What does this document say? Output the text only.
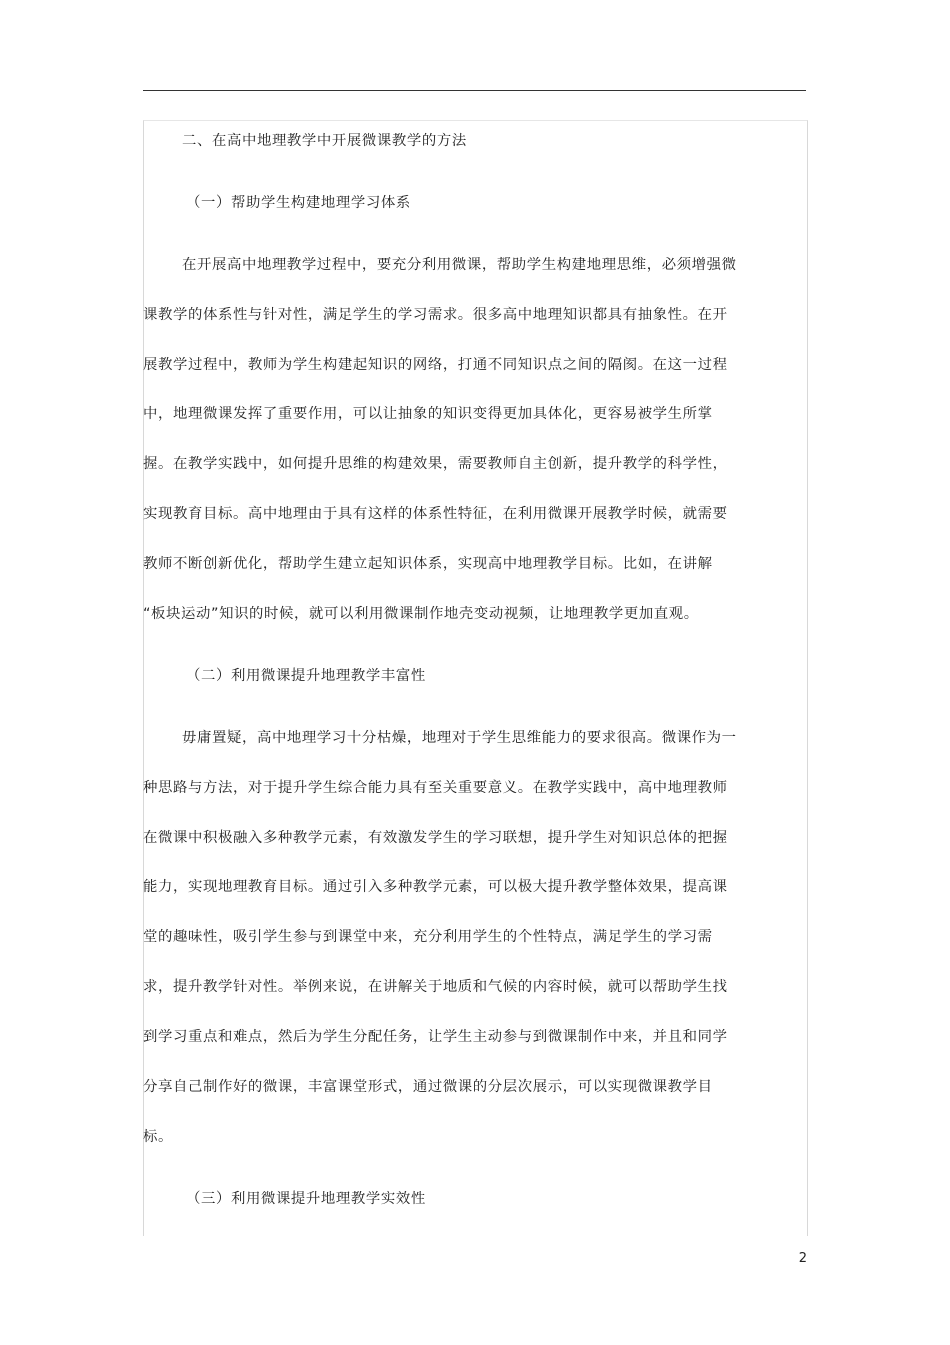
二、在高中地理教学中开展微课教学的方法
（一）帮助学生构建地理学习体系
在开展高中地理教学过程中，要充分利用微课，帮助学生构建地理思维，必须增强微
课教学的体系性与针对性，满足学生的学习需求。很多高中地理知识都具有抽象性。在开
展教学过程中，教师为学生构建起知识的网络，打通不同知识点之间的隔阂。在这一过程
中，地理微课发挥了重要作用，可以让抽象的知识变得更加具体化，更容易被学生所掌
握。在教学实践中，如何提升思维的构建效果，需要教师自主创新，提升教学的科学性，
实现教育目标。高中地理由于具有这样的体系性特征，在利用微课开展教学时候，就需要
教师不断创新优化，帮助学生建立起知识体系，实现高中地理教学目标。比如，在讲解
“板块运动”知识的时候，就可以利用微课制作地壳变动视频，让地理教学更加直观。
（二）利用微课提升地理教学丰富性
毋庸置疑，高中地理学习十分枯燥，地理对于学生思维能力的要求很高。微课作为一
种思路与方法，对于提升学生综合能力具有至关重要意义。在教学实践中，高中地理教师
在微课中积极融入多种教学元素，有效激发学生的学习联想，提升学生对知识总体的把握
能力，实现地理教育目标。通过引入多种教学元素，可以极大提升教学整体效果，提高课
堂的趣味性，吸引学生参与到课堂中来，充分利用学生的个性特点，满足学生的学习需
求，提升教学针对性。举例来说，在讲解关于地质和气候的内容时候，就可以帮助学生找
到学习重点和难点，然后为学生分配任务，让学生主动参与到微课制作中来，并且和同学
分享自己制作好的微课，丰富课堂形式，通过微课的分层次展示，可以实现微课教学目
标。
（三）利用微课提升地理教学实效性
2
